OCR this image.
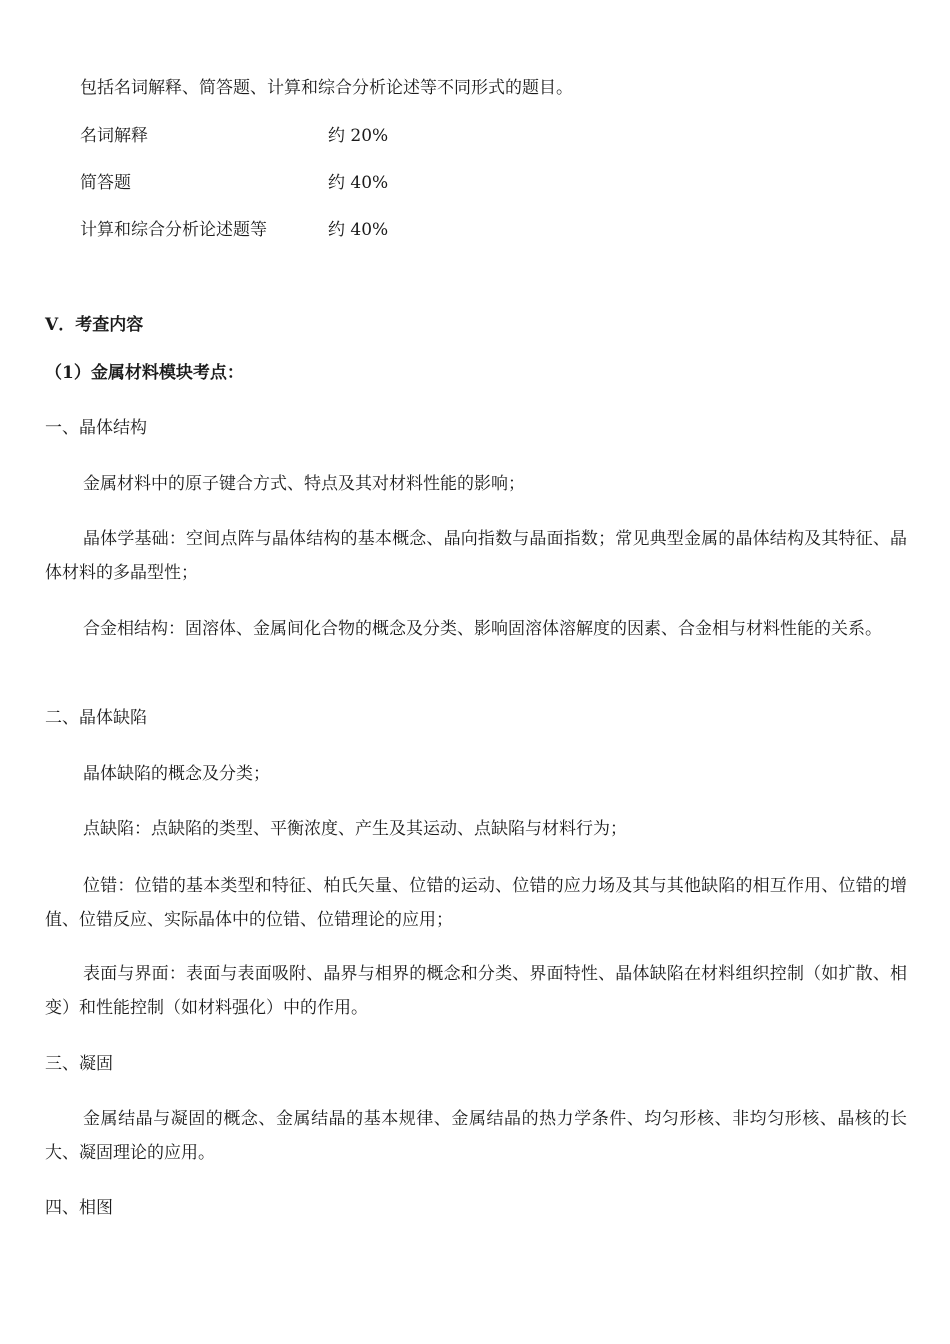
包括名词解释、简答题、计算和综合分析论述等不同形式的题目。
名词解释	约 20%
简答题	约 40%
计算和综合分析论述题等	约 40%
V．考查内容
（1）金属材料模块考点：
一、晶体结构
金属材料中的原子键合方式、特点及其对材料性能的影响；
晶体学基础：空间点阵与晶体结构的基本概念、晶向指数与晶面指数；常见典型金属的晶体结构及其特征、晶体材料的多晶型性；
合金相结构：固溶体、金属间化合物的概念及分类、影响固溶体溶解度的因素、合金相与材料性能的关系。
二、晶体缺陷
晶体缺陷的概念及分类；
点缺陷：点缺陷的类型、平衡浓度、产生及其运动、点缺陷与材料行为；
位错：位错的基本类型和特征、柏氏矢量、位错的运动、位错的应力场及其与其他缺陷的相互作用、位错的增值、位错反应、实际晶体中的位错、位错理论的应用；
表面与界面：表面与表面吸附、晶界与相界的概念和分类、界面特性、晶体缺陷在材料组织控制（如扩散、相变）和性能控制（如材料强化）中的作用。
三、凝固
金属结晶与凝固的概念、金属结晶的基本规律、金属结晶的热力学条件、均匀形核、非均匀形核、晶核的长大、凝固理论的应用。
四、相图
